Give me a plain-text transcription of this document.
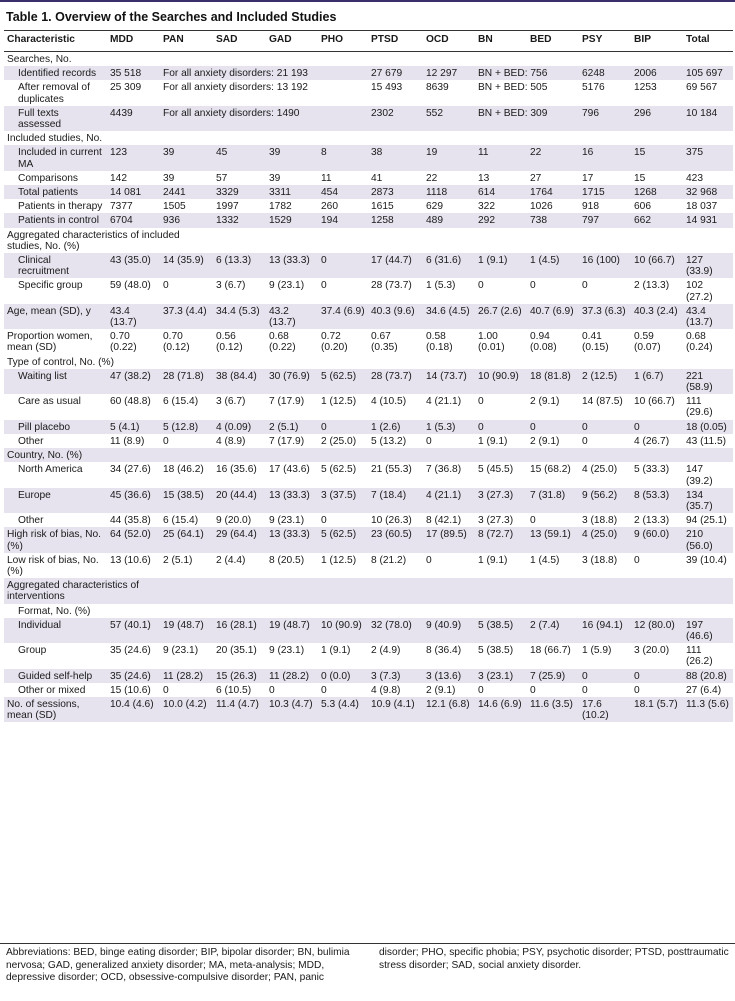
Table 1. Overview of the Searches and Included Studies
Characteristic	MDD	PAN	SAD	GAD	PHO	PTSD	OCD	BN	BED	PSY	BIP	Total
Searches, No.												
Identified records	35 518	For all anxiety disorders: 21 193				27 679	12 297	BN + BED: 756		6248	2006	105 697
After removal of duplicates	25 309	For all anxiety disorders: 13 192				15 493	8639	BN + BED: 505		5176	1253	69 567
Full texts assessed	4439	For all anxiety disorders: 1490				2302	552	BN + BED: 309		796	296	10 184
Included studies, No.												
Included in current MA	123	39	45	39	8	38	19	11	22	16	15	375
Comparisons	142	39	57	39	11	41	22	13	27	17	15	423
Total patients	14 081	2441	3329	3311	454	2873	1118	614	1764	1715	1268	32 968
Patients in therapy	7377	1505	1997	1782	260	1615	629	322	1026	918	606	18 037
Patients in control	6704	936	1332	1529	194	1258	489	292	738	797	662	14 931
Aggregated characteristics of included studies, No. (%)												
Clinical recruitment	43 (35.0)	14 (35.9)	6 (13.3)	13 (33.3)	0	17 (44.7)	6 (31.6)	1 (9.1)	1 (4.5)	16 (100)	10 (66.7)	127 (33.9)
Specific group	59 (48.0)	0	3 (6.7)	9 (23.1)	0	28 (73.7)	1 (5.3)	0	0	0	2 (13.3)	102 (27.2)
Age, mean (SD), y	43.4 (13.7)	37.3 (4.4)	34.4 (5.3)	43.2 (13.7)	37.4 (6.9)	40.3 (9.6)	34.6 (4.5)	26.7 (2.6)	40.7 (6.9)	37.3 (6.3)	40.3 (2.4)	43.4 (13.7)
Proportion women, mean (SD)	0.70 (0.22)	0.70 (0.12)	0.56 (0.12)	0.68 (0.22)	0.72 (0.20)	0.67 (0.35)	0.58 (0.18)	1.00 (0.01)	0.94 (0.08)	0.41 (0.15)	0.59 (0.07)	0.68 (0.24)
Type of control, No. (%)												
Waiting list	47 (38.2)	28 (71.8)	38 (84.4)	30 (76.9)	5 (62.5)	28 (73.7)	14 (73.7)	10 (90.9)	18 (81.8)	2 (12.5)	1 (6.7)	221 (58.9)
Care as usual	60 (48.8)	6 (15.4)	3 (6.7)	7 (17.9)	1 (12.5)	4 (10.5)	4 (21.1)	0	2 (9.1)	14 (87.5)	10 (66.7)	111 (29.6)
Pill placebo	5 (4.1)	5 (12.8)	4 (0.09)	2 (5.1)	0	1 (2.6)	1 (5.3)	0	0	0	0	18 (0.05)
Other	11 (8.9)	0	4 (8.9)	7 (17.9)	2 (25.0)	5 (13.2)	0	1 (9.1)	2 (9.1)	0	4 (26.7)	43 (11.5)
Country, No. (%)												
North America	34 (27.6)	18 (46.2)	16 (35.6)	17 (43.6)	5 (62.5)	21 (55.3)	7 (36.8)	5 (45.5)	15 (68.2)	4 (25.0)	5 (33.3)	147 (39.2)
Europe	45 (36.6)	15 (38.5)	20 (44.4)	13 (33.3)	3 (37.5)	7 (18.4)	4 (21.1)	3 (27.3)	7 (31.8)	9 (56.2)	8 (53.3)	134 (35.7)
Other	44 (35.8)	6 (15.4)	9 (20.0)	9 (23.1)	0	10 (26.3)	8 (42.1)	3 (27.3)	0	3 (18.8)	2 (13.3)	94 (25.1)
High risk of bias, No. (%)	64 (52.0)	25 (64.1)	29 (64.4)	13 (33.3)	5 (62.5)	23 (60.5)	17 (89.5)	8 (72.7)	13 (59.1)	4 (25.0)	9 (60.0)	210 (56.0)
Low risk of bias, No. (%)	13 (10.6)	2 (5.1)	2 (4.4)	8 (20.5)	1 (12.5)	8 (21.2)	0	1 (9.1)	1 (4.5)	3 (18.8)	0	39 (10.4)
Aggregated characteristics of interventions												
Format, No. (%)												
Individual	57 (40.1)	19 (48.7)	16 (28.1)	19 (48.7)	10 (90.9)	32 (78.0)	9 (40.9)	5 (38.5)	2 (7.4)	16 (94.1)	12 (80.0)	197 (46.6)
Group	35 (24.6)	9 (23.1)	20 (35.1)	9 (23.1)	1 (9.1)	2 (4.9)	8 (36.4)	5 (38.5)	18 (66.7)	1 (5.9)	3 (20.0)	111 (26.2)
Guided self-help	35 (24.6)	11 (28.2)	15 (26.3)	11 (28.2)	0 (0.0)	3 (7.3)	3 (13.6)	3 (23.1)	7 (25.9)	0	0	88 (20.8)
Other or mixed	15 (10.6)	0	6 (10.5)	0	0	4 (9.8)	2 (9.1)	0	0	0	0	27 (6.4)
No. of sessions, mean (SD)	10.4 (4.6)	10.0 (4.2)	11.4 (4.7)	10.3 (4.7)	5.3 (4.4)	10.9 (4.1)	12.1 (6.8)	14.6 (6.9)	11.6 (3.5)	17.6 (10.2)	18.1 (5.7)	11.3 (5.6)
Abbreviations: BED, binge eating disorder; BIP, bipolar disorder; BN, bulimia nervosa; GAD, generalized anxiety disorder; MA, meta-analysis; MDD, depressive disorder; OCD, obsessive-compulsive disorder; PAN, panic
disorder; PHO, specific phobia; PSY, psychotic disorder; PTSD, posttraumatic stress disorder; SAD, social anxiety disorder.
